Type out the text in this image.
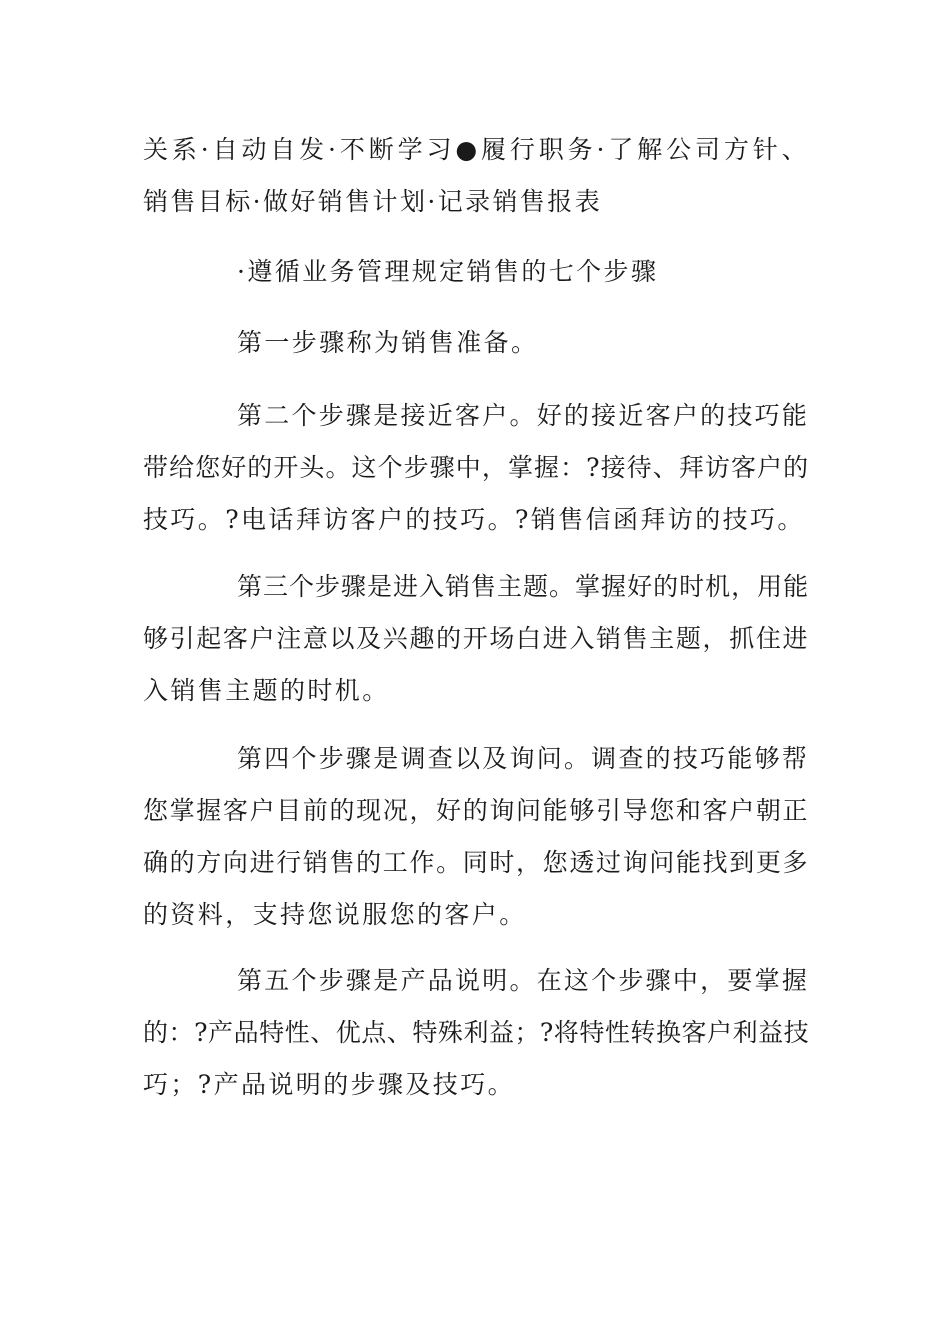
关系·自动自发·不断学习●履行职务·了解公司方针、
销售目标·做好销售计划·记录销售报表
·遵循业务管理规定销售的七个步骤
第一步骤称为销售准备。
第二个步骤是接近客户。好的接近客户的技巧能
带给您好的开头。这个步骤中，掌握：?接待、拜访客户的
技巧。?电话拜访客户的技巧。?销售信函拜访的技巧。
第三个步骤是进入销售主题。掌握好的时机，用能
够引起客户注意以及兴趣的开场白进入销售主题，抓住进
入销售主题的时机。
第四个步骤是调查以及询问。调查的技巧能够帮
您掌握客户目前的现况，好的询问能够引导您和客户朝正
确的方向进行销售的工作。同时，您透过询问能找到更多
的资料，支持您说服您的客户。
第五个步骤是产品说明。在这个步骤中，要掌握
的：?产品特性、优点、特殊利益；?将特性转换客户利益技
巧；?产品说明的步骤及技巧。
